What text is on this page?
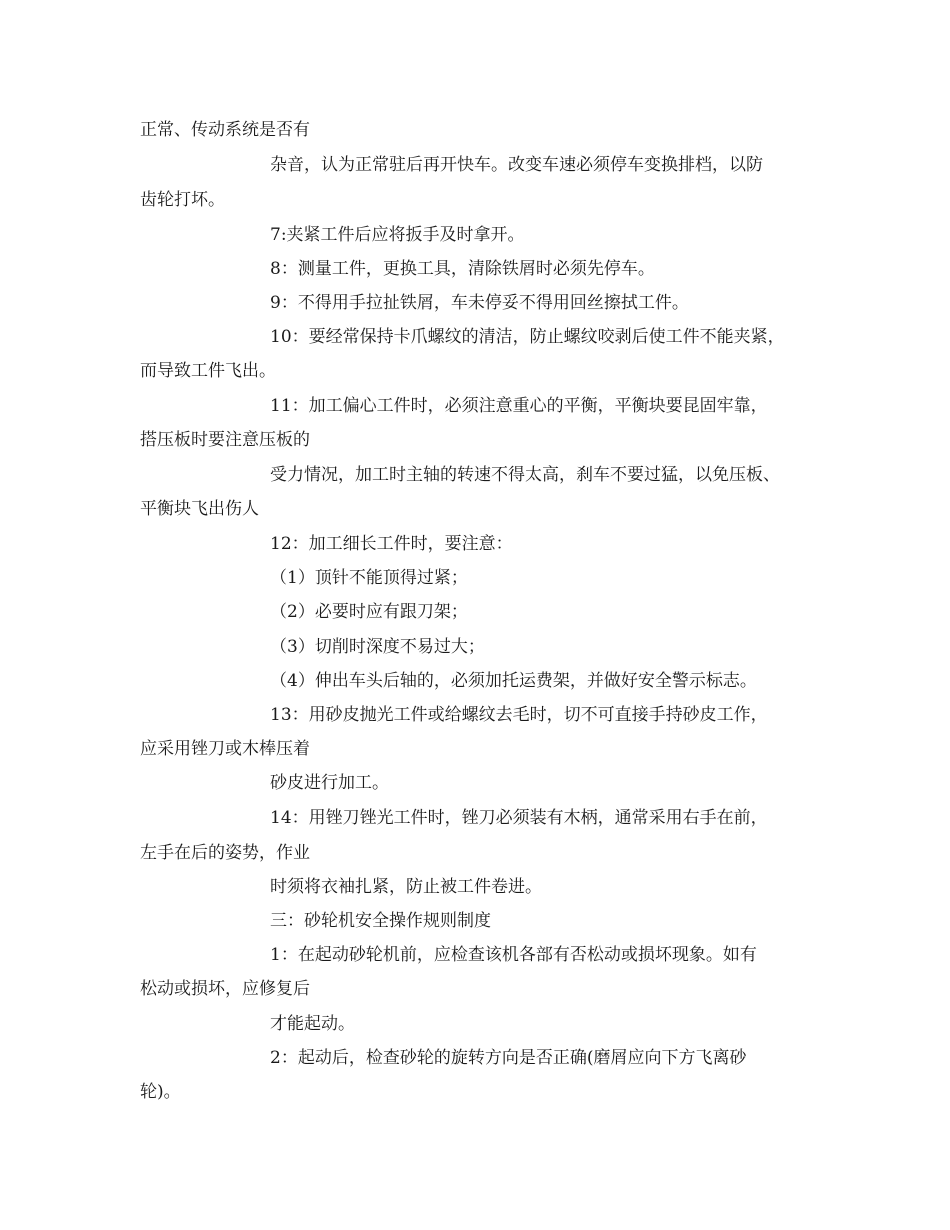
正常、传动系统是否有
杂音，认为正常驻后再开快车。改变车速必须停车变换排档，以防
齿轮打坏。
7:夹紧工件后应将扳手及时拿开。
8：测量工件，更换工具，清除铁屑时必须先停车。
9：不得用手拉扯铁屑，车未停妥不得用回丝擦拭工件。
10：要经常保持卡爪螺纹的清洁，防止螺纹咬剥后使工件不能夹紧，
而导致工件飞出。
11：加工偏心工件时，必须注意重心的平衡，平衡块要昆固牢靠，
搭压板时要注意压板的
受力情况，加工时主轴的转速不得太高，刹车不要过猛，以免压板、
平衡块飞出伤人
12：加工细长工件时，要注意：
（1）顶针不能顶得过紧；
（2）必要时应有跟刀架；
（3）切削时深度不易过大；
（4）伸出车头后轴的，必须加托运费架，并做好安全警示标志。
13：用砂皮抛光工件或给螺纹去毛时，切不可直接手持砂皮工作，
应采用锉刀或木棒压着
砂皮进行加工。
14：用锉刀锉光工件时，锉刀必须装有木柄，通常采用右手在前，
左手在后的姿势，作业
时须将衣袖扎紧，防止被工件卷进。
三：砂轮机安全操作规则制度
1：在起动砂轮机前，应检查该机各部有否松动或损坏现象。如有
松动或损坏，应修复后
才能起动。
2：起动后，检查砂轮的旋转方向是否正确(磨屑应向下方飞离砂
轮)。
